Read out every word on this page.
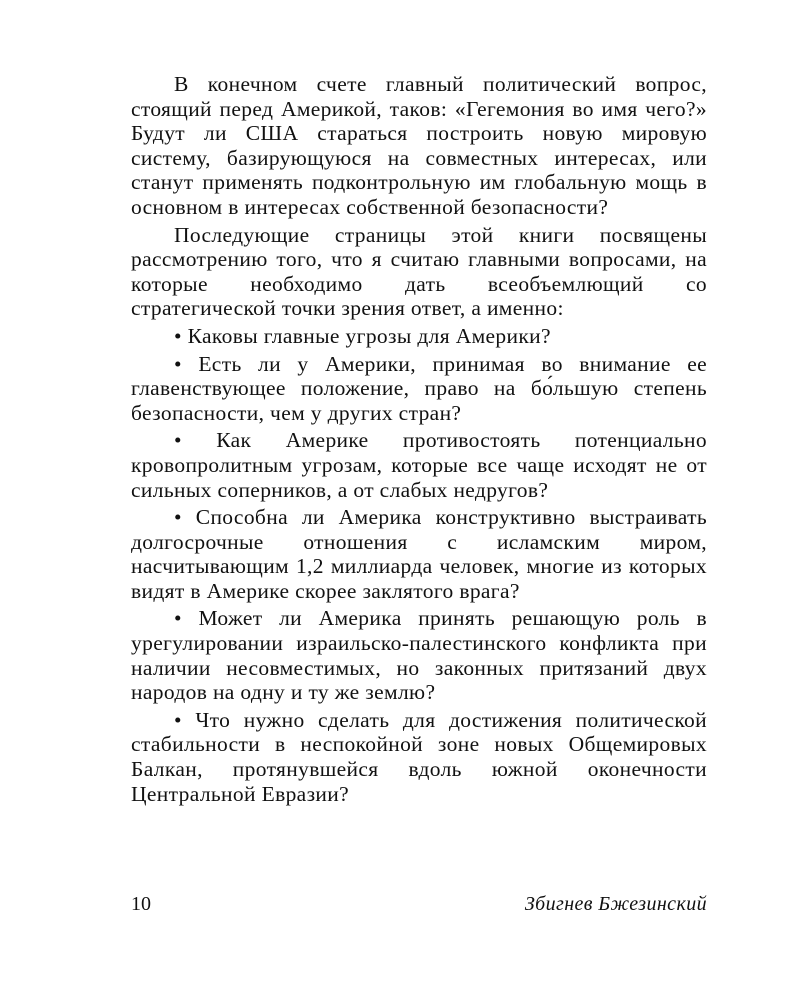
В конечном счете главный политический вопрос, стоящий перед Америкой, таков: «Гегемония во имя чего?» Будут ли США стараться построить новую мировую систему, базирующуюся на совместных интересах, или станут применять подконтрольную им глобальную мощь в основном в интересах собственной безопасности?

Последующие страницы этой книги посвящены рассмотрению того, что я считаю главными вопросами, на которые необходимо дать всеобъемлющий со стратегической точки зрения ответ, а именно:

• Каковы главные угрозы для Америки?

• Есть ли у Америки, принимая во внимание ее главенствующее положение, право на бо́льшую степень безопасности, чем у других стран?

• Как Америке противостоять потенциально кровопролитным угрозам, которые все чаще исходят не от сильных соперников, а от слабых недругов?

• Способна ли Америка конструктивно выстраивать долгосрочные отношения с исламским миром, насчитывающим 1,2 миллиарда человек, многие из которых видят в Америке скорее заклятого врага?

• Может ли Америка принять решающую роль в урегулировании израильско-палестинского конфликта при наличии несовместимых, но законных притязаний двух народов на одну и ту же землю?

• Что нужно сделать для достижения политической стабильности в неспокойной зоне новых Общемировых Балкан, протянувшейся вдоль южной оконечности Центральной Евразии?

10	Збигнев Бжезинский
